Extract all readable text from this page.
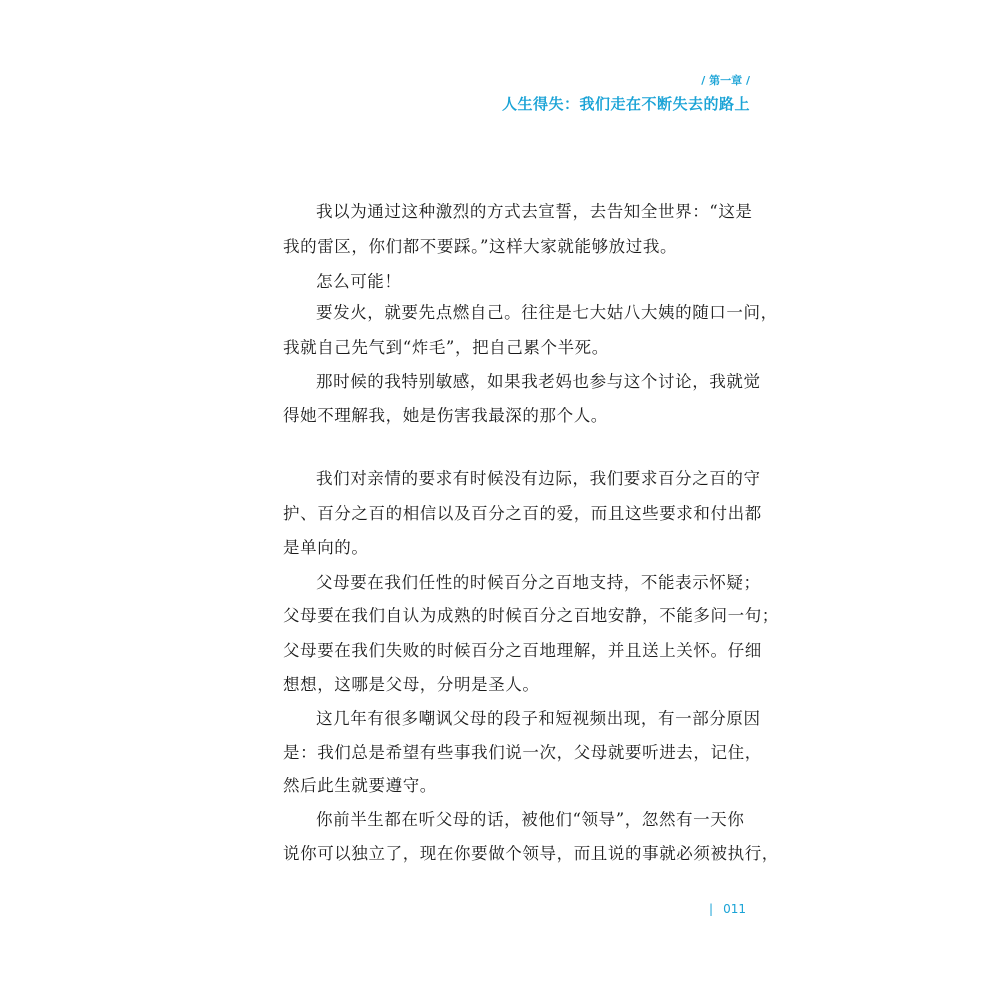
/ 第一章 /
人生得失：我们走在不断失去的路上
我以为通过这种激烈的方式去宣誓，去告知全世界：“这是
我的雷区，你们都不要踩。”这样大家就能够放过我。
怎么可能！
要发火，就要先点燃自己。往往是七大姑八大姨的随口一问，
我就自己先气到“炸毛”，把自己累个半死。
那时候的我特别敏感，如果我老妈也参与这个讨论，我就觉
得她不理解我，她是伤害我最深的那个人。
我们对亲情的要求有时候没有边际，我们要求百分之百的守
护、百分之百的相信以及百分之百的爱，而且这些要求和付出都
是单向的。
父母要在我们任性的时候百分之百地支持，不能表示怀疑；
父母要在我们自认为成熟的时候百分之百地安静，不能多问一句；
父母要在我们失败的时候百分之百地理解，并且送上关怀。仔细
想想，这哪是父母，分明是圣人。
这几年有很多嘲讽父母的段子和短视频出现，有一部分原因
是：我们总是希望有些事我们说一次，父母就要听进去，记住，
然后此生就要遵守。
你前半生都在听父母的话，被他们“领导”，忽然有一天你
说你可以独立了，现在你要做个领导，而且说的事就必须被执行，
| 011
